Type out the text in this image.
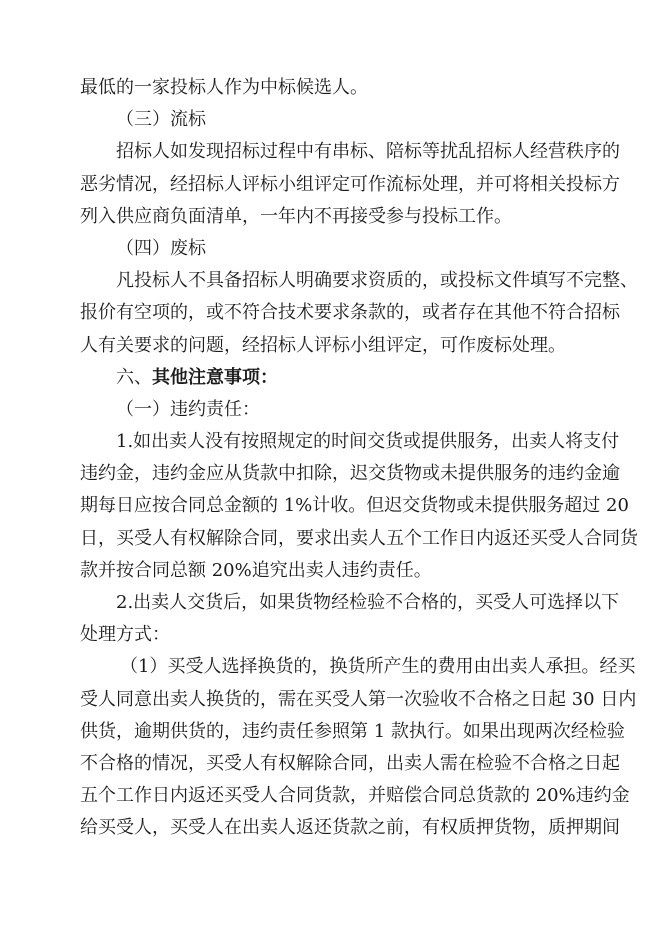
最低的一家投标人作为中标候选人。
（三）流标
招标人如发现招标过程中有串标、陪标等扰乱招标人经营秩序的
恶劣情况，经招标人评标小组评定可作流标处理，并可将相关投标方
列入供应商负面清单，一年内不再接受参与投标工作。
（四）废标
凡投标人不具备招标人明确要求资质的，或投标文件填写不完整、
报价有空项的，或不符合技术要求条款的，或者存在其他不符合招标
人有关要求的问题，经招标人评标小组评定，可作废标处理。
六、其他注意事项：
（一）违约责任：
1.如出卖人没有按照规定的时间交货或提供服务，出卖人将支付
违约金，违约金应从货款中扣除，迟交货物或未提供服务的违约金逾
期每日应按合同总金额的 1%计收。但迟交货物或未提供服务超过 20
日，买受人有权解除合同，要求出卖人五个工作日内返还买受人合同货
款并按合同总额 20%追究出卖人违约责任。
2.出卖人交货后，如果货物经检验不合格的，买受人可选择以下
处理方式：
（1）买受人选择换货的，换货所产生的费用由出卖人承担。经买
受人同意出卖人换货的，需在买受人第一次验收不合格之日起 30 日内
供货，逾期供货的，违约责任参照第 1 款执行。如果出现两次经检验
不合格的情况，买受人有权解除合同，出卖人需在检验不合格之日起
五个工作日内返还买受人合同货款，并赔偿合同总货款的 20%违约金
给买受人，买受人在出卖人返还货款之前，有权质押货物，质押期间
